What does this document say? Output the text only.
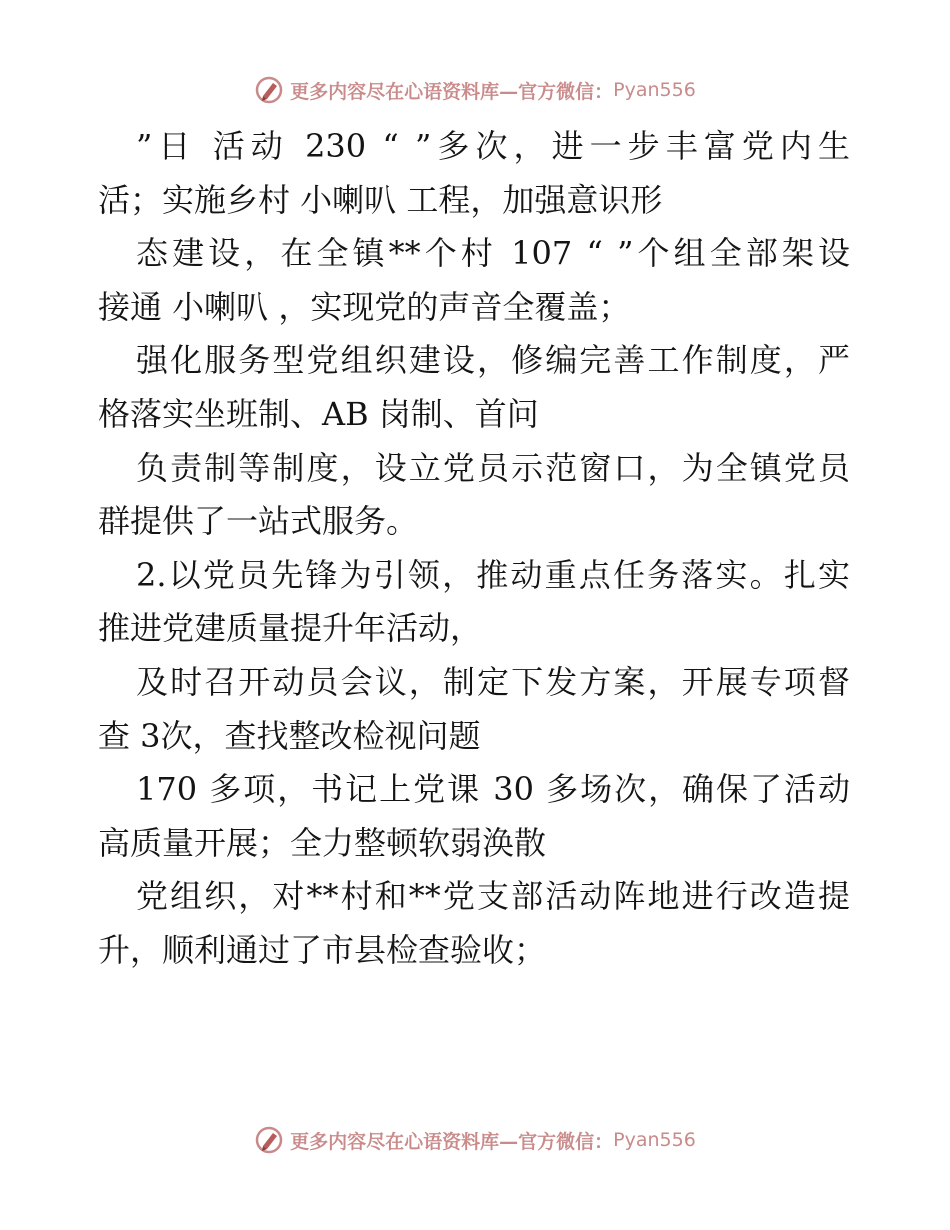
更多内容尽在心语资料库—官方微信： Pyan556
”日 活动 230 “ ”多次，进一步丰富党内生
活；实施乡村 小喇叭 工程，加强意识形
态建设，在全镇**个村 107 “ ”个组全部架设
接通 小喇叭 ，实现党的声音全覆盖；
强化服务型党组织建设，修编完善工作制度，严
格落实坐班制、AB 岗制、首问
负责制等制度，设立党员示范窗口，为全镇党员
群提供了一站式服务。
2.以党员先锋为引领，推动重点任务落实。扎实
推进党建质量提升年活动，
及时召开动员会议，制定下发方案，开展专项督
查 3次，查找整改检视问题
170 多项，书记上党课 30 多场次，确保了活动
高质量开展；全力整顿软弱涣散
党组织，对**村和**党支部活动阵地进行改造提
升，顺利通过了市县检查验收；
更多内容尽在心语资料库—官方微信： Pyan556
